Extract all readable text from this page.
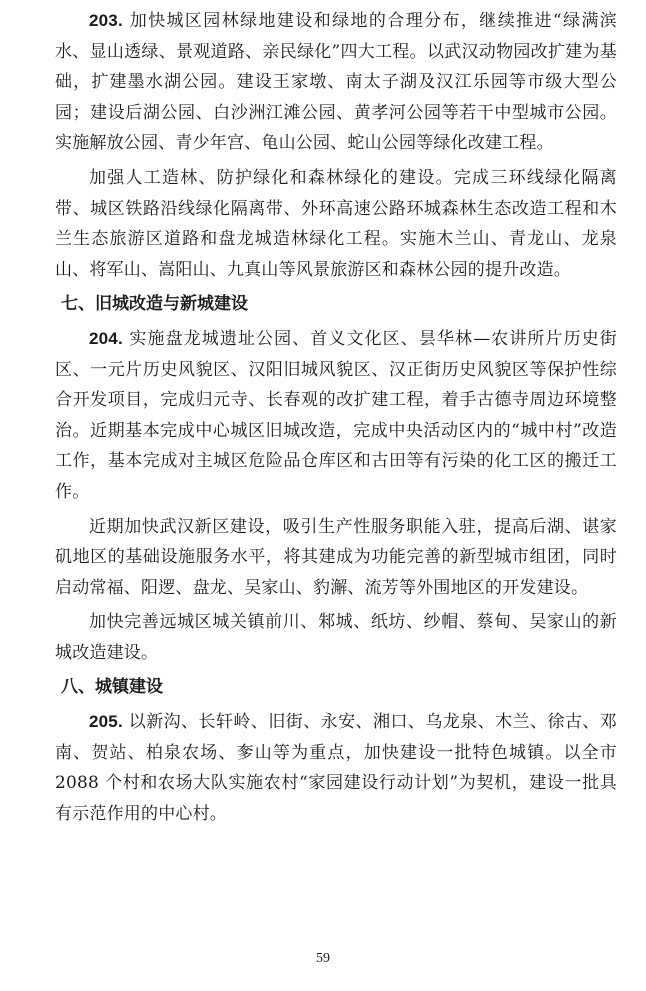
203. 加快城区园林绿地建设和绿地的合理分布，继续推进“绿满滨水、显山透绿、景观道路、亲民绿化”四大工程。以武汉动物园改扩建为基础，扩建墨水湖公园。建设王家墩、南太子湖及汉江乐园等市级大型公园；建设后湖公园、白沙洲江滩公园、黄孝河公园等若干中型城市公园。实施解放公园、青少年宫、龟山公园、蛇山公园等绿化改建工程。

加强人工造林、防护绿化和森林绿化的建设。完成三环线绿化隔离带、城区铁路沿线绿化隔离带、外环高速公路环城森林生态改造工程和木兰生态旅游区道路和盘龙城造林绿化工程。实施木兰山、青龙山、龙泉山、将军山、嵩阳山、九真山等风景旅游区和森林公园的提升改造。

七、旧城改造与新城建设

204. 实施盘龙城遗址公园、首义文化区、昙华林—农讲所片历史街区、一元片历史风貌区、汉阳旧城风貌区、汉正街历史风貌区等保护性综合开发项目，完成归元寺、长春观的改扩建工程，着手古德寺周边环境整治。近期基本完成中心城区旧城改造，完成中央活动区内的“城中村”改造工作，基本完成对主城区危险品仓库区和古田等有污染的化工区的搬迁工作。

近期加快武汉新区建设，吸引生产性服务职能入驻，提高后湖、谌家矶地区的基础设施服务水平，将其建成为功能完善的新型城市组团，同时启动常福、阳逻、盘龙、吴家山、豹澥、流芳等外围地区的开发建设。

加快完善远城区城关镇前川、邾城、纸坊、纱帽、蔡甸、吴家山的新城改造建设。

八、城镇建设

205. 以新沟、长轩岭、旧街、永安、湘口、乌龙泉、木兰、徐古、邓南、贺站、柏泉农场、奓山等为重点，加快建设一批特色城镇。以全市 2088 个村和农场大队实施农村“家园建设行动计划”为契机，建设一批具有示范作用的中心村。

59
